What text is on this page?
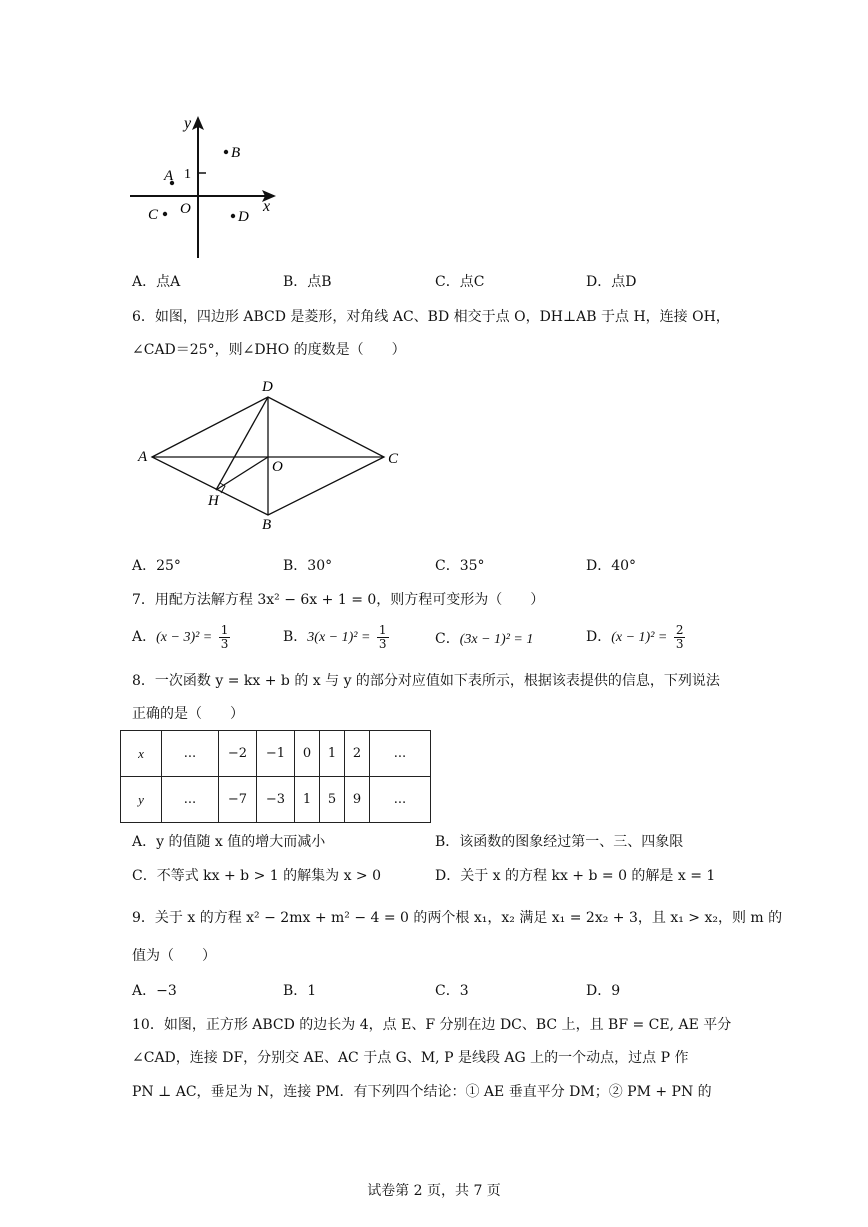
y
x
O
1
B
A
C	D
A．点A	B．点B	C．点C	D．点D
6．如图，四边形 ABCD 是菱形，对角线 AC、BD 相交于点 O，DH⊥AB 于点 H，连接 OH，
∠CAD＝25°，则∠DHO 的度数是（　　）
A
B
C
D
O
H
A．25°	B．30°	C．35°	D．40°
7．用配方法解方程 3x² − 6x + 1 = 0，则方程可变形为（　　）
A．$(x - 3)^2 = \frac{1}{3}$	B．$3(x - 1)^2 = \frac{1}{3}$	C．(3x − 1)² = 1	D．$(x - 1)^2 = \frac{2}{3}$
8．一次函数 y = kx + b 的 x 与 y 的部分对应值如下表所示，根据该表提供的信息，下列说法
正确的是（　　）
x	...	−2	−1	0	1	2	...
y	...	−7	−3	1	5	9	...
A．y 的值随 x 值的增大而减小	B．该函数的图象经过第一、三、四象限
C．不等式 kx + b > 1 的解集为 x > 0	D．关于 x 的方程 kx + b = 0 的解是 x = 1
9．关于 x 的方程 x² − 2mx + m² − 4 = 0 的两个根 x₁，x₂ 满足 x₁ = 2x₂ + 3，且 x₁ > x₂，则 m 的
值为（　　）
A．−3	B．1	C．3	D．9
10．如图，正方形 ABCD 的边长为 4，点 E、F 分别在边 DC、BC 上，且 BF = CE, AE 平分
∠CAD，连接 DF，分别交 AE、AC 于点 G、M, P 是线段 AG 上的一个动点，过点 P 作
PN ⊥ AC，垂足为 N，连接 PM．有下列四个结论：① AE 垂直平分 DM；② PM + PN 的
试卷第 2 页，共 7 页
